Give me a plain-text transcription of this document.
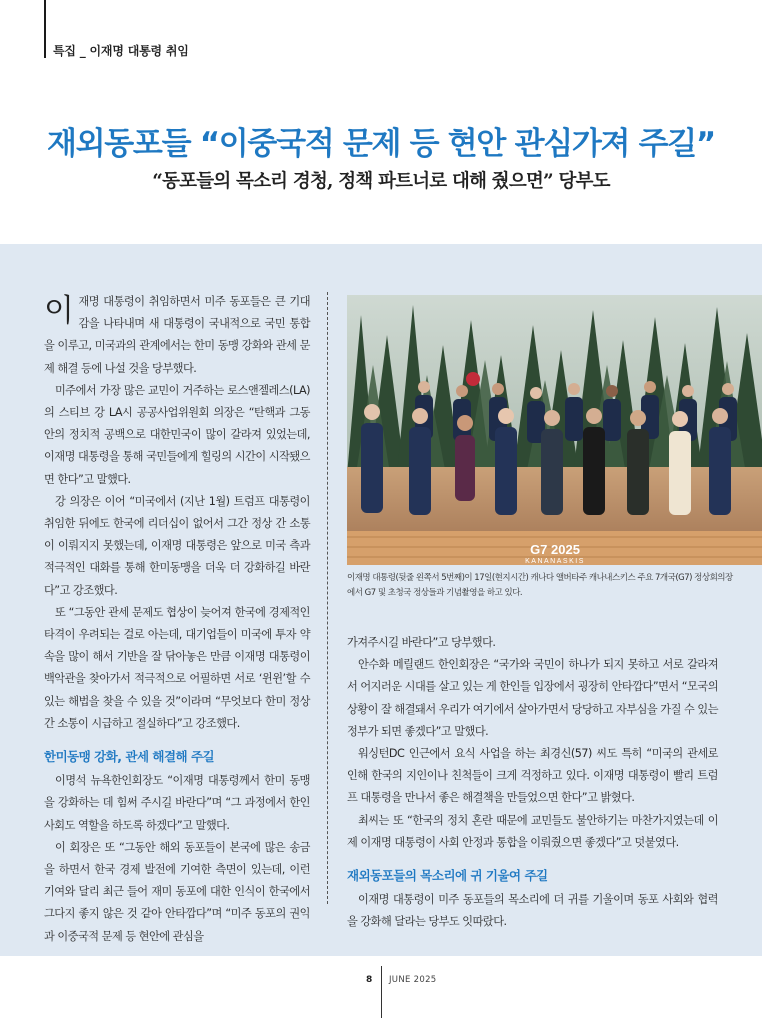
특집 _ 이재명 대통령 취임
재외동포들 “이중국적 문제 등 현안 관심가져 주길”
“동포들의 목소리 경청, 정책 파트너로 대해 줬으면” 당부도

이재명 대통령이 취임하면서 미주 동포들은 큰 기대감을 나타내며 새 대통령이 국내적으로 국민 통합을 이루고, 미국과의 관계에서는 한미 동맹 강화와 관세 문제 해결 등에 나설 것을 당부했다.

미주에서 가장 많은 교민이 거주하는 로스앤젤레스(LA)의 스티브 강 LA시 공공사업위원회 의장은 “탄핵과 그동안의 정치적 공백으로 대한민국이 많이 갈라져 있었는데, 이재명 대통령을 통해 국민들에게 힐링의 시간이 시작됐으면 한다”고 말했다.

강 의장은 이어 “미국에서 (지난 1월) 트럼프 대통령이 취임한 뒤에도 한국에 리더십이 없어서 그간 정상 간 소통이 이뤄지지 못했는데, 이재명 대통령은 앞으로 미국 측과 적극적인 대화를 통해 한미동맹을 더욱 더 강화하길 바란다”고 강조했다.

또 “그동안 관세 문제도 협상이 늦어져 한국에 경제적인 타격이 우려되는 걸로 아는데, 대기업들이 미국에 투자 약속을 많이 해서 기반을 잘 닦아놓은 만큼 이재명 대통령이 백악관을 찾아가서 적극적으로 어필하면 서로 ‘윈윈’할 수 있는 해법을 찾을 수 있을 것”이라며 “무엇보다 한미 정상 간 소통이 시급하고 절실하다”고 강조했다.

한미동맹 강화, 관세 해결해 주길

이명석 뉴욕한인회장도 “이재명 대통령께서 한미 동맹을 강화하는 데 힘써 주시길 바란다”며 “그 과정에서 한인 사회도 역할을 하도록 하겠다”고 말했다.

이 회장은 또 “그동안 해외 동포들이 본국에 많은 송금을 하면서 한국 경제 발전에 기여한 측면이 있는데, 이런 기여와 달리 최근 들어 재미 동포에 대한 인식이 한국에서 그다지 좋지 않은 것 같아 안타깝다”며 “미주 동포의 권익과 이중국적 문제 등 현안에 관심을

G7 2025
KANANASKIS
이재명 대통령(뒷줄 왼쪽서 5번째)이 17일(현지시간) 캐나다 앨버타주 캐나내스키스 주요 7개국(G7) 정상회의장에서 G7 및 초청국 정상들과 기념촬영을 하고 있다.

가져주시길 바란다”고 당부했다.

안수화 메릴랜드 한인회장은 “국가와 국민이 하나가 되지 못하고 서로 갈라져서 어지러운 시대를 살고 있는 게 한인들 입장에서 굉장히 안타깝다”면서 “모국의 상황이 잘 해결돼서 우리가 여기에서 살아가면서 당당하고 자부심을 가질 수 있는 정부가 되면 좋겠다”고 말했다.

워싱턴DC 인근에서 요식 사업을 하는 최경신(57) 씨도 특히 “미국의 관세로 인해 한국의 지인이나 친척들이 크게 걱정하고 있다. 이재명 대통령이 빨리 트럼프 대통령을 만나서 좋은 해결책을 만들었으면 한다”고 밝혔다.

최씨는 또 “한국의 정치 혼란 때문에 교민들도 불안하기는 마찬가지였는데 이제 이재명 대통령이 사회 안정과 통합을 이뤄줬으면 좋겠다”고 덧붙였다.

재외동포들의 목소리에 귀 기울여 주길

이재명 대통령이 미주 동포들의 목소리에 더 귀를 기울이며 동포 사회와 협력을 강화해 달라는 당부도 잇따랐다.

8 JUNE 2025
